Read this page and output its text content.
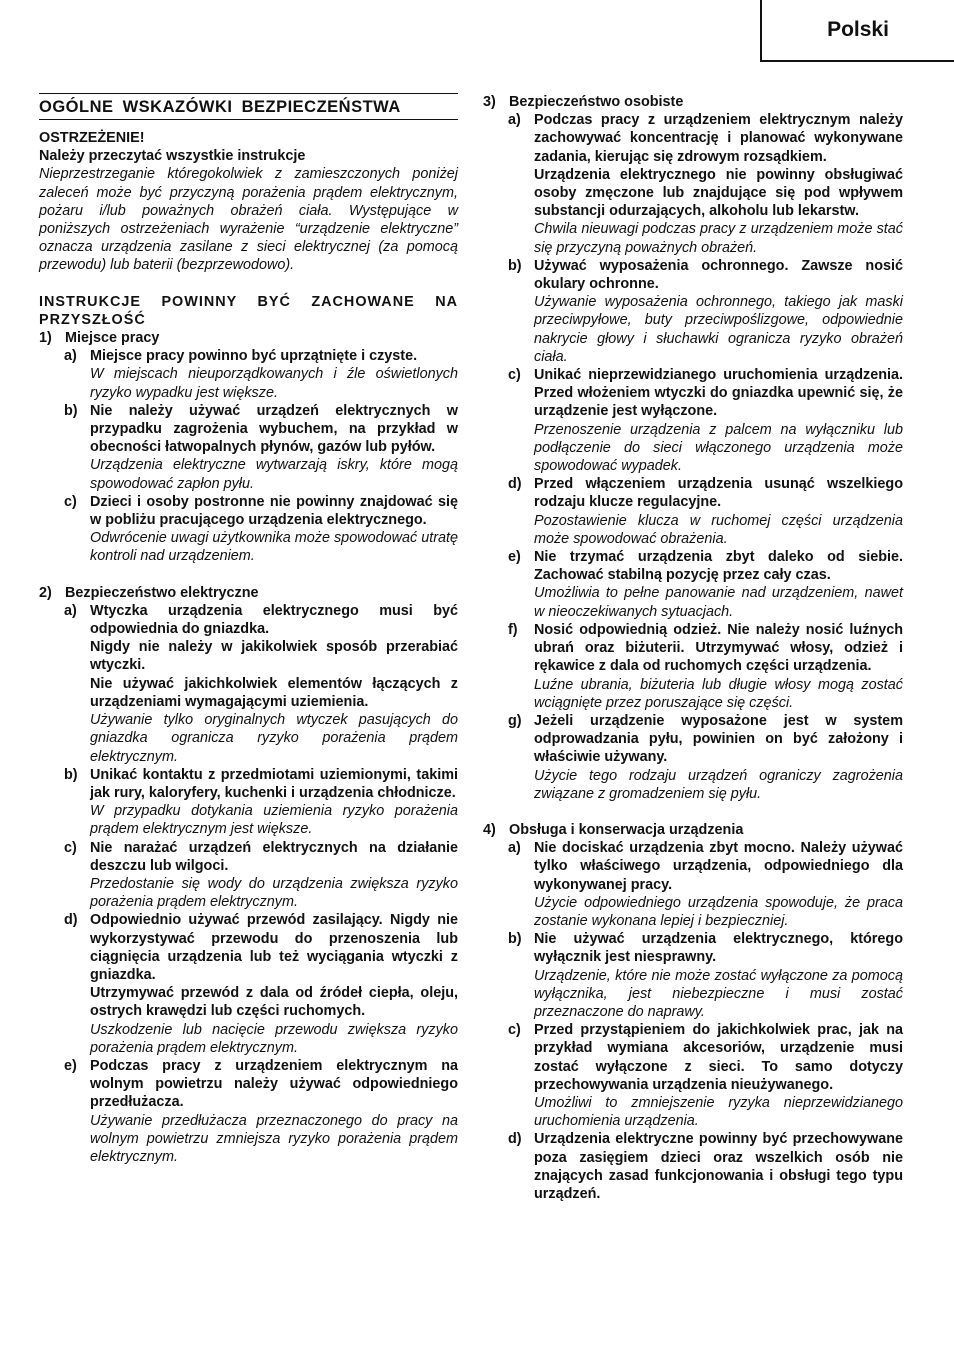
Polski
OGÓLNE WSKAZÓWKI BEZPIECZEŃSTWA
OSTRZEŻENIE!
Należy przeczytać wszystkie instrukcje
Nieprzestrzeganie któregokolwiek z zamieszczonych poniżej zaleceń może być przyczyną porażenia prądem elektrycznym, pożaru i/lub poważnych obrażeń ciała. Występujące w poniższych ostrzeżeniach wyrażenie “urządzenie elektryczne” oznacza urządzenia zasilane z sieci elektrycznej (za pomocą przewodu) lub baterii (bezprzewodowo).
INSTRUKCJE POWINNY BYĆ ZACHOWANE NA PRZYSZŁOŚĆ
1) Miejsce pracy
a) Miejsce pracy powinno być uprzątnięte i czyste.
W miejscach nieuporządkowanych i źle oświetlonych ryzyko wypadku jest większe.
b) Nie należy używać urządzeń elektrycznych w przypadku zagrożenia wybuchem, na przykład w obecności łatwopalnych płynów, gazów lub pyłów.
Urządzenia elektryczne wytwarzają iskry, które mogą spowodować zapłon pyłu.
c) Dzieci i osoby postronne nie powinny znajdować się w pobliżu pracującego urządzenia elektrycznego.
Odwrócenie uwagi użytkownika może spowodować utratę kontroli nad urządzeniem.
2) Bezpieczeństwo elektryczne
a) Wtyczka urządzenia elektrycznego musi być odpowiednia do gniazdka.
Nigdy nie należy w jakikolwiek sposób przerabiać wtyczki.
Nie używać jakichkolwiek elementów łączących z urządzeniami wymagającymi uziemienia.
Używanie tylko oryginalnych wtyczek pasujących do gniazdka ogranicza ryzyko porażenia prądem elektrycznym.
b) Unikać kontaktu z przedmiotami uziemionymi, takimi jak rury, kaloryfery, kuchenki i urządzenia chłodnicze.
W przypadku dotykania uziemienia ryzyko porażenia prądem elektrycznym jest większe.
c) Nie narażać urządzeń elektrycznych na działanie deszczu lub wilgoci.
Przedostanie się wody do urządzenia zwiększa ryzyko porażenia prądem elektrycznym.
d) Odpowiednio używać przewód zasilający. Nigdy nie wykorzystywać przewodu do przenoszenia lub ciągnięcia urządzenia lub też wyciągania wtyczki z gniazdka.
Utrzymywać przewód z dala od źródeł ciepła, oleju, ostrych krawędzi lub części ruchomych.
Uszkodzenie lub nacięcie przewodu zwiększa ryzyko porażenia prądem elektrycznym.
e) Podczas pracy z urządzeniem elektrycznym na wolnym powietrzu należy używać odpowiedniego przedłużacza.
Używanie przedłużacza przeznaczonego do pracy na wolnym powietrzu zmniejsza ryzyko porażenia prądem elektrycznym.
3) Bezpieczeństwo osobiste
a) Podczas pracy z urządzeniem elektrycznym należy zachowywać koncentrację i planować wykonywane zadania, kierując się zdrowym rozsądkiem.
Urządzenia elektrycznego nie powinny obsługiwać osoby zmęczone lub znajdujące się pod wpływem substancji odurzających, alkoholu lub lekarstw.
Chwila nieuwagi podczas pracy z urządzeniem może stać się przyczyną poważnych obrażeń.
b) Używać wyposażenia ochronnego. Zawsze nosić okulary ochronne.
Używanie wyposażenia ochronnego, takiego jak maski przeciwpyłowe, buty przeciwpoślizgowe, odpowiednie nakrycie głowy i słuchawki ogranicza ryzyko obrażeń ciała.
c) Unikać nieprzewidzianego uruchomienia urządzenia. Przed włożeniem wtyczki do gniazdka upewnić się, że urządzenie jest wyłączone.
Przenoszenie urządzenia z palcem na wyłączniku lub podłączenie do sieci włączonego urządzenia może spowodować wypadek.
d) Przed włączeniem urządzenia usunąć wszelkiego rodzaju klucze regulacyjne.
Pozostawienie klucza w ruchomej części urządzenia może spowodować obrażenia.
e) Nie trzymać urządzenia zbyt daleko od siebie. Zachować stabilną pozycję przez cały czas.
Umożliwia to pełne panowanie nad urządzeniem, nawet w nieoczekiwanych sytuacjach.
f)	Nosić odpowiednią odzież. Nie należy nosić luźnych ubrań oraz biżuterii. Utrzymywać włosy, odzież i rękawice z dala od ruchomych części urządzenia.
Luźne ubrania, biżuteria lub długie włosy mogą zostać wciągnięte przez poruszające się części.
g) Jeżeli urządzenie wyposażone jest w system odprowadzania pyłu, powinien on być założony i właściwie używany.
Użycie tego rodzaju urządzeń ograniczy zagrożenia związane z gromadzeniem się pyłu.
4) Obsługa i konserwacja urządzenia
a) Nie dociskać urządzenia zbyt mocno. Należy używać tylko właściwego urządzenia, odpowiedniego dla wykonywanej pracy.
Użycie odpowiedniego urządzenia spowoduje, że praca zostanie wykonana lepiej i bezpieczniej.
b) Nie używać urządzenia elektrycznego, którego wyłącznik jest niesprawny.
Urządzenie, które nie może zostać wyłączone za pomocą wyłącznika, jest niebezpieczne i musi zostać przeznaczone do naprawy.
c) Przed przystąpieniem do jakichkolwiek prac, jak na przykład wymiana akcesoriów, urządzenie musi zostać wyłączone z sieci. To samo dotyczy przechowywania urządzenia nieużywanego.
Umożliwi to zmniejszenie ryzyka nieprzewidzianego uruchomienia urządzenia.
d) Urządzenia elektryczne powinny być przechowywane poza zasięgiem dzieci oraz wszelkich osób nie znających zasad funkcjonowania i obsługi tego typu urządzeń.
